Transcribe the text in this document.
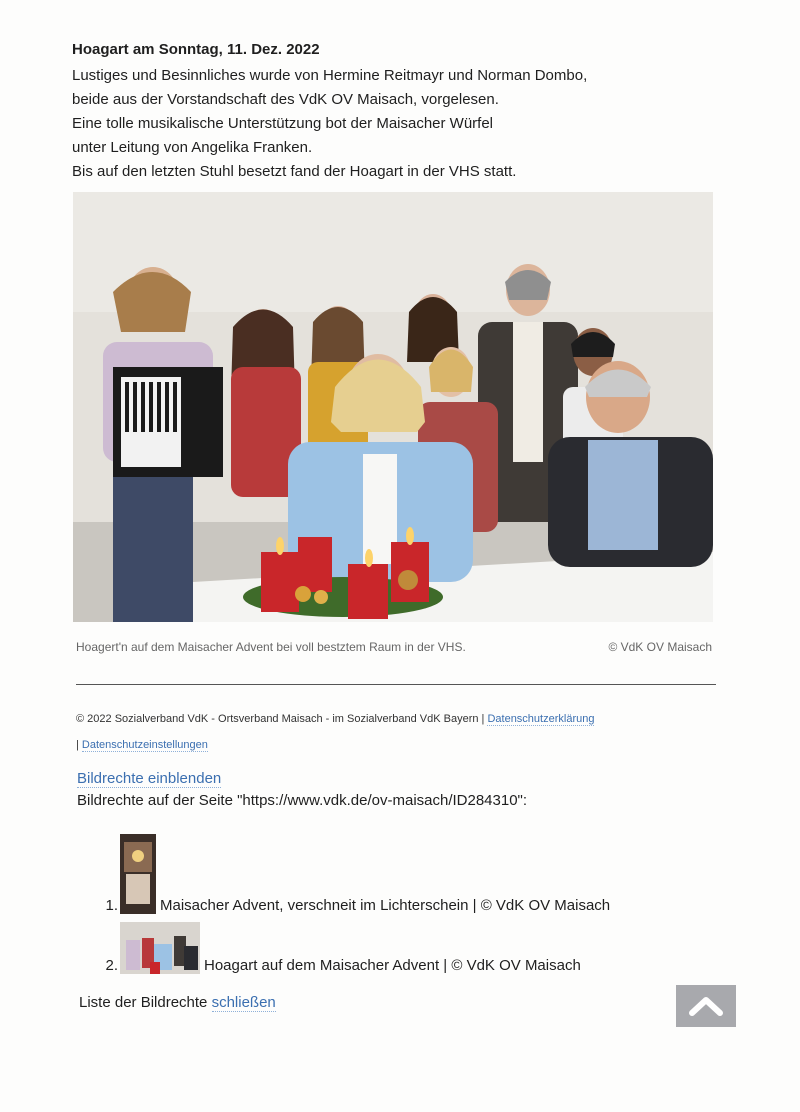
Hoagart am Sonntag, 11. Dez. 2022

Lustiges und Besinnliches wurde von Hermine Reitmayr und Norman Dombo,

beide aus der Vorstandschaft des VdK OV Maisach, vorgelesen.

Eine tolle musikalische Unterstützung bot der Maisacher Würfel

unter Leitung von Angelika Franken.

Bis auf den letzten Stuhl besetzt fand der Hoagart in der VHS statt.

Hoagert'n auf dem Maisacher Advent bei voll bestztem Raum in der VHS.	© VdK OV Maisach
© 2022 Sozialverband VdK - Ortsverband Maisach - im Sozialverband VdK Bayern | Datenschutzerklärung
| Datenschutzeinstellungen
Bildrechte einblenden
Bildrechte auf der Seite "https://www.vdk.de/ov-maisach/ID284310":
1.	Maisacher Advent, verschneit im Lichterschein | © VdK OV Maisach
2.	Hoagart auf dem Maisacher Advent | © VdK OV Maisach
Liste der Bildrechte schließen
